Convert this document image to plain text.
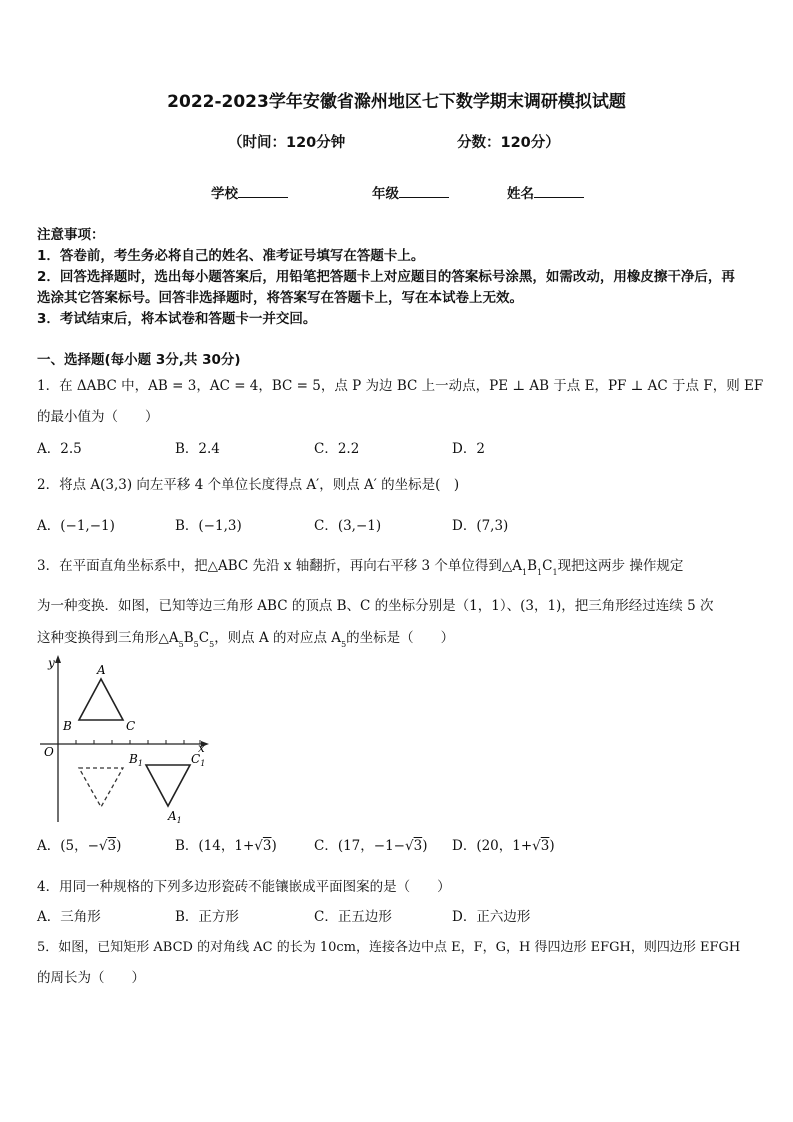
2022-2023学年安徽省滁州地区七下数学期末调研模拟试题
（时间：120分钟	分数：120分）
学校	年级	姓名
注意事项：
1．答卷前，考生务必将自己的姓名、准考证号填写在答题卡上。
2．回答选择题时，选出每小题答案后，用铅笔把答题卡上对应题目的答案标号涂黑，如需改动，用橡皮擦干净后，再
选涂其它答案标号。回答非选择题时，将答案写在答题卡上，写在本试卷上无效。
3．考试结束后，将本试卷和答题卡一并交回。
一、选择题(每小题 3分,共 30分)
1．在 ΔABC 中，AB = 3，AC = 4，BC = 5，点 P 为边 BC 上一动点，PE ⊥ AB 于点 E，PF ⊥ AC 于点 F，则 EF
的最小值为（　　）
A．2.5	B．2.4	C．2.2	D．2
2．将点 A(3,3) 向左平移 4 个单位长度得点 A′，则点 A′ 的坐标是(　)
A．(−1,−1)	B．(−1,3)	C．(3,−1)	D．(7,3)
3．在平面直角坐标系中，把△ABC 先沿 x 轴翻折，再向右平移 3 个单位得到$\triangle A_1B_1C_1$现把这两步 操作规定
为一种变换．如图，已知等边三角形 ABC 的顶点 B、C 的坐标分别是（1，1）、(3，1)，把三角形经过连续 5 次
这种变换得到三角形$\triangle A_5B_5C_5$，则点 A 的对应点 $A_5$的坐标是（　　）
y
x
O
A
B	C
$B_1$	$C_1$
$A_1$
A．(5，−√3)	B．(14，1+√3)	C．(17，−1−√3) D．(20，1+√3)
4．用同一种规格的下列多边形瓷砖不能镶嵌成平面图案的是（　　）
A．三角形	B．正方形	C．正五边形	D．正六边形
5．如图，已知矩形 ABCD 的对角线 AC 的长为 10cm，连接各边中点 E，F，G，H 得四边形 EFGH，则四边形 EFGH
的周长为（　　）
